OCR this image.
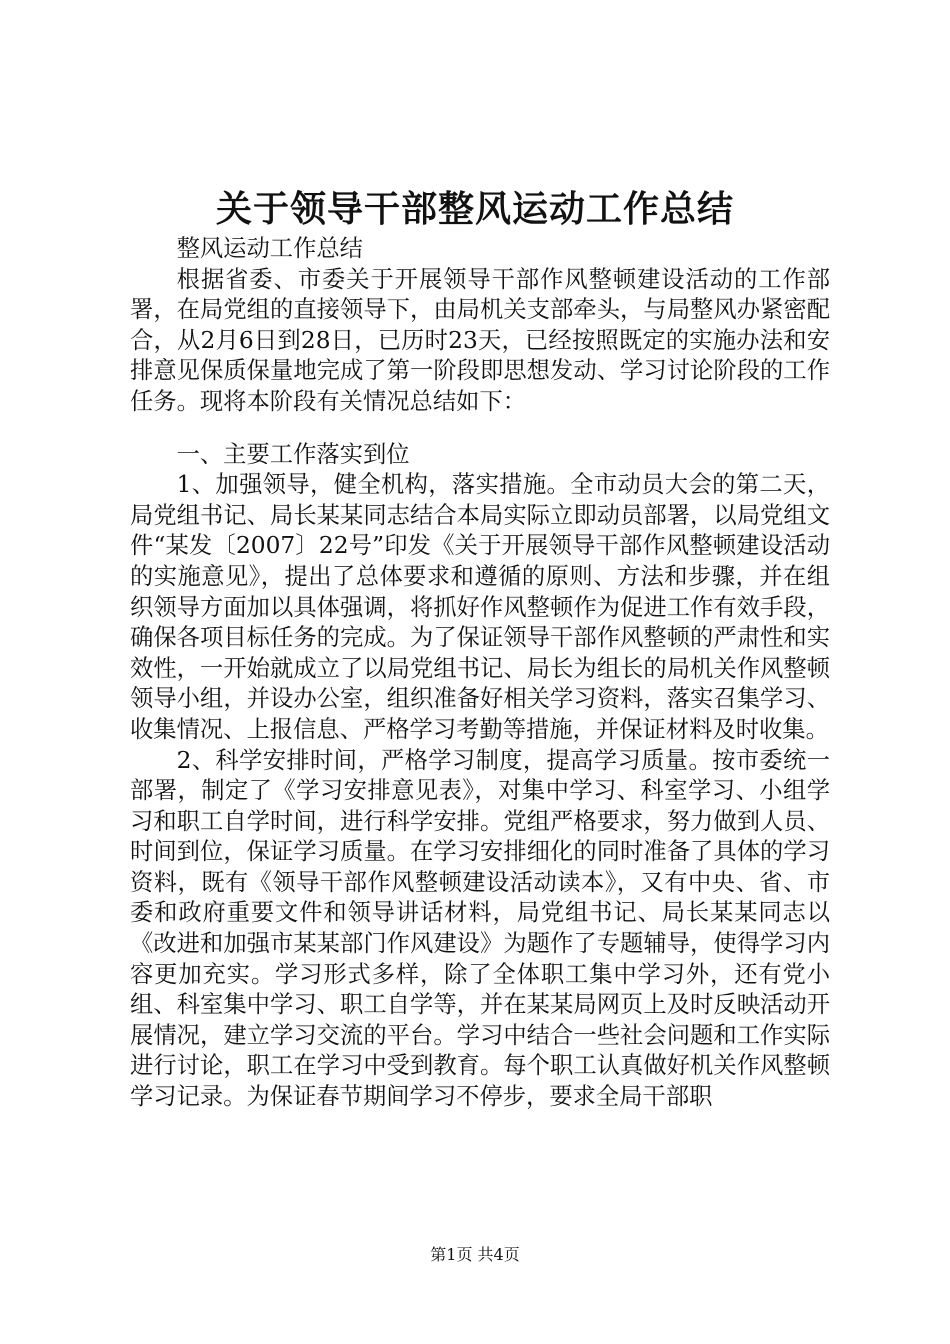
关于领导干部整风运动工作总结

整风运动工作总结

根据省委、市委关于开展领导干部作风整顿建设活动的工作部署，在局党组的直接领导下，由局机关支部牵头，与局整风办紧密配合，从2月6日到28日，已历时23天，已经按照既定的实施办法和安排意见保质保量地完成了第一阶段即思想发动、学习讨论阶段的工作任务。现将本阶段有关情况总结如下：

一、主要工作落实到位

1、加强领导，健全机构，落实措施。全市动员大会的第二天，局党组书记、局长某某同志结合本局实际立即动员部署，以局党组文件“某发〔2007〕22号”印发《关于开展领导干部作风整顿建设活动的实施意见》，提出了总体要求和遵循的原则、方法和步骤，并在组织领导方面加以具体强调，将抓好作风整顿作为促进工作有效手段，确保各项目标任务的完成。为了保证领导干部作风整顿的严肃性和实效性，一开始就成立了以局党组书记、局长为组长的局机关作风整顿领导小组，并设办公室，组织准备好相关学习资料，落实召集学习、收集情况、上报信息、严格学习考勤等措施，并保证材料及时收集。

2、科学安排时间，严格学习制度，提高学习质量。按市委统一部署，制定了《学习安排意见表》，对集中学习、科室学习、小组学习和职工自学时间，进行科学安排。党组严格要求，努力做到人员、时间到位，保证学习质量。在学习安排细化的同时准备了具体的学习资料，既有《领导干部作风整顿建设活动读本》，又有中央、省、市委和政府重要文件和领导讲话材料，局党组书记、局长某某同志以《改进和加强市某某部门作风建设》为题作了专题辅导，使得学习内容更加充实。学习形式多样，除了全体职工集中学习外，还有党小组、科室集中学习、职工自学等，并在某某局网页上及时反映活动开展情况，建立学习交流的平台。学习中结合一些社会问题和工作实际进行讨论，职工在学习中受到教育。每个职工认真做好机关作风整顿学习记录。为保证春节期间学习不停步，要求全局干部职

第1页 共4页
